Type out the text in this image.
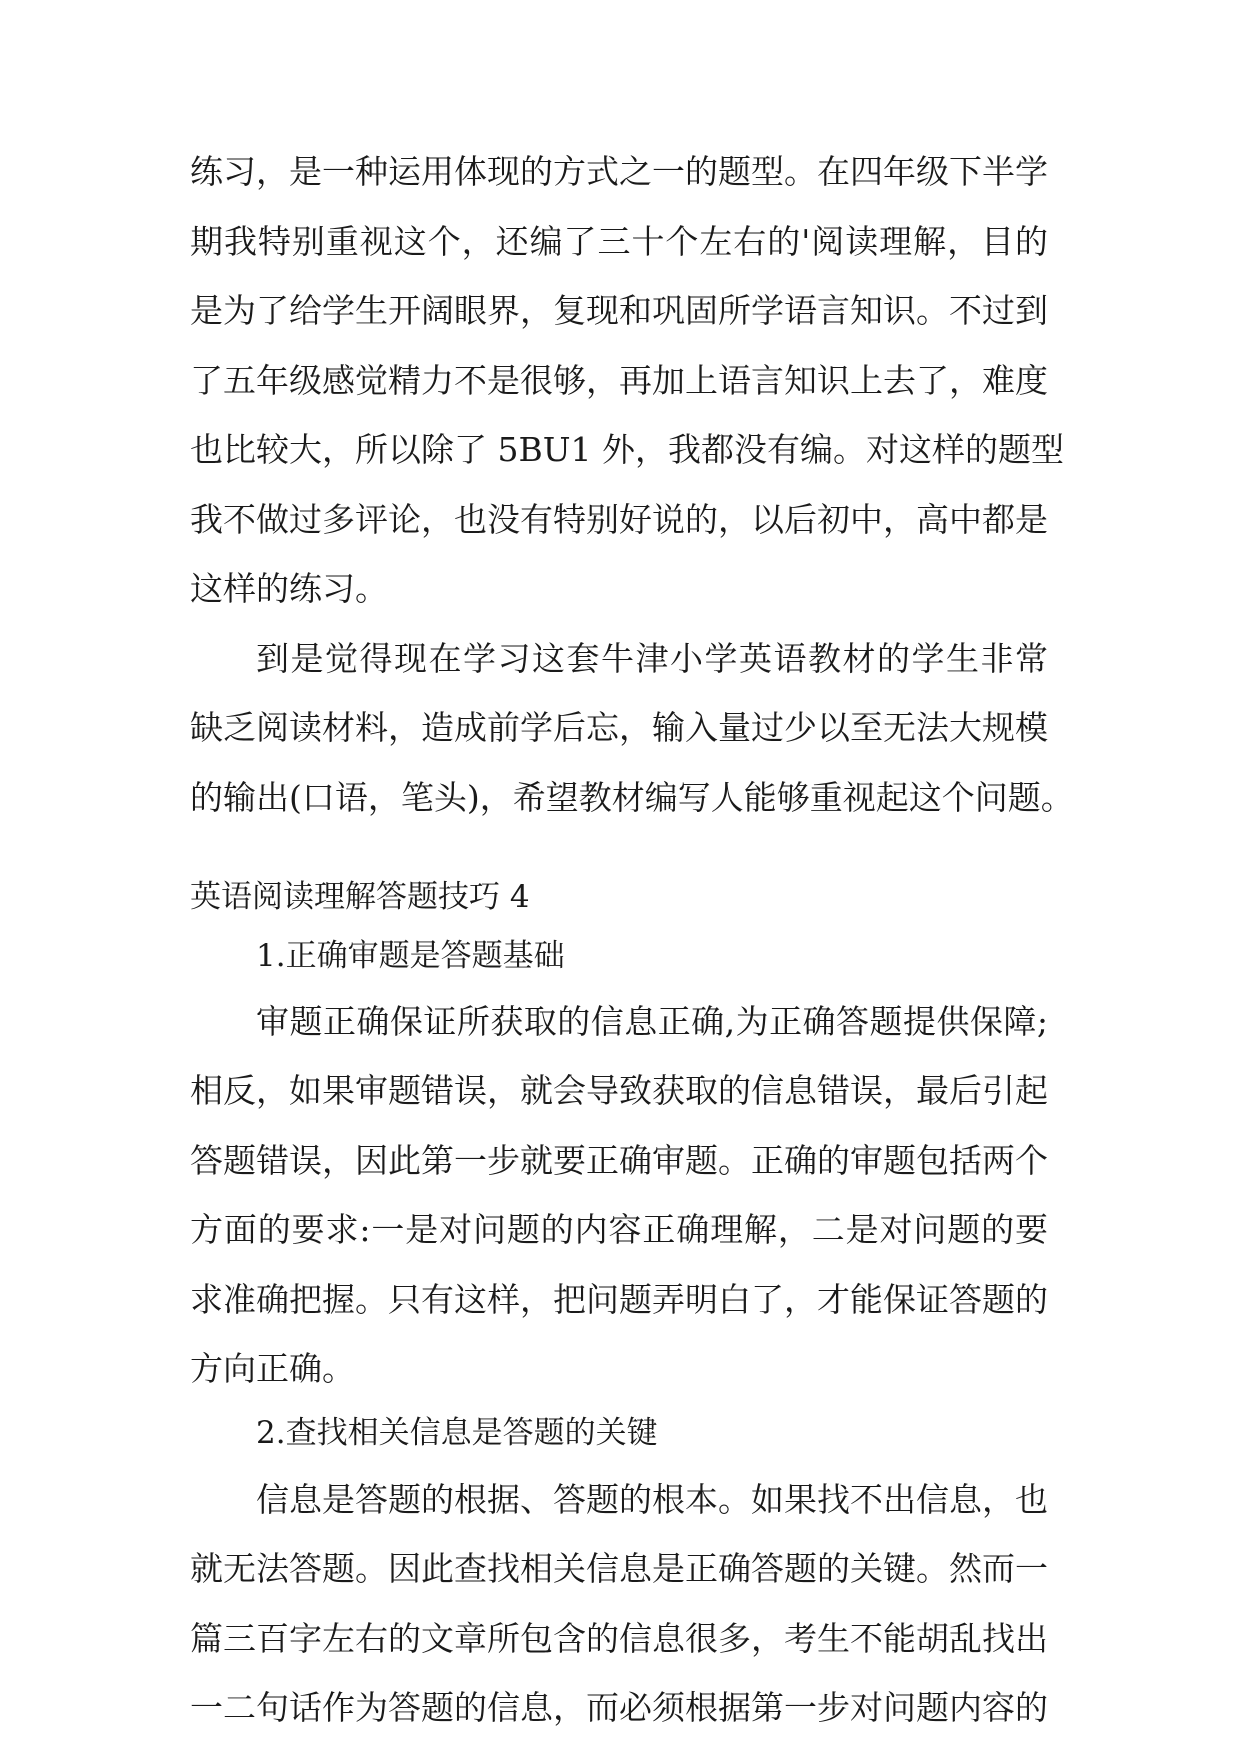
练习，是一种运用体现的方式之一的题型。在四年级下半学
期我特别重视这个，还编了三十个左右的'阅读理解，目的
是为了给学生开阔眼界，复现和巩固所学语言知识。不过到
了五年级感觉精力不是很够，再加上语言知识上去了，难度
也比较大，所以除了 5BU1 外，我都没有编。对这样的题型
我不做过多评论，也没有特别好说的，以后初中，高中都是
这样的练习。
到是觉得现在学习这套牛津小学英语教材的学生非常
缺乏阅读材料，造成前学后忘，输入量过少以至无法大规模
的输出(口语，笔头)，希望教材编写人能够重视起这个问题。
英语阅读理解答题技巧 4
1.正确审题是答题基础
审题正确保证所获取的信息正确,为正确答题提供保障;
相反，如果审题错误，就会导致获取的信息错误，最后引起
答题错误，因此第一步就要正确审题。正确的审题包括两个
方面的要求:一是对问题的内容正确理解，二是对问题的要
求准确把握。只有这样，把问题弄明白了，才能保证答题的
方向正确。
2.查找相关信息是答题的关键
信息是答题的根据、答题的根本。如果找不出信息，也
就无法答题。因此查找相关信息是正确答题的关键。然而一
篇三百字左右的文章所包含的信息很多，考生不能胡乱找出
一二句话作为答题的信息，而必须根据第一步对问题内容的
